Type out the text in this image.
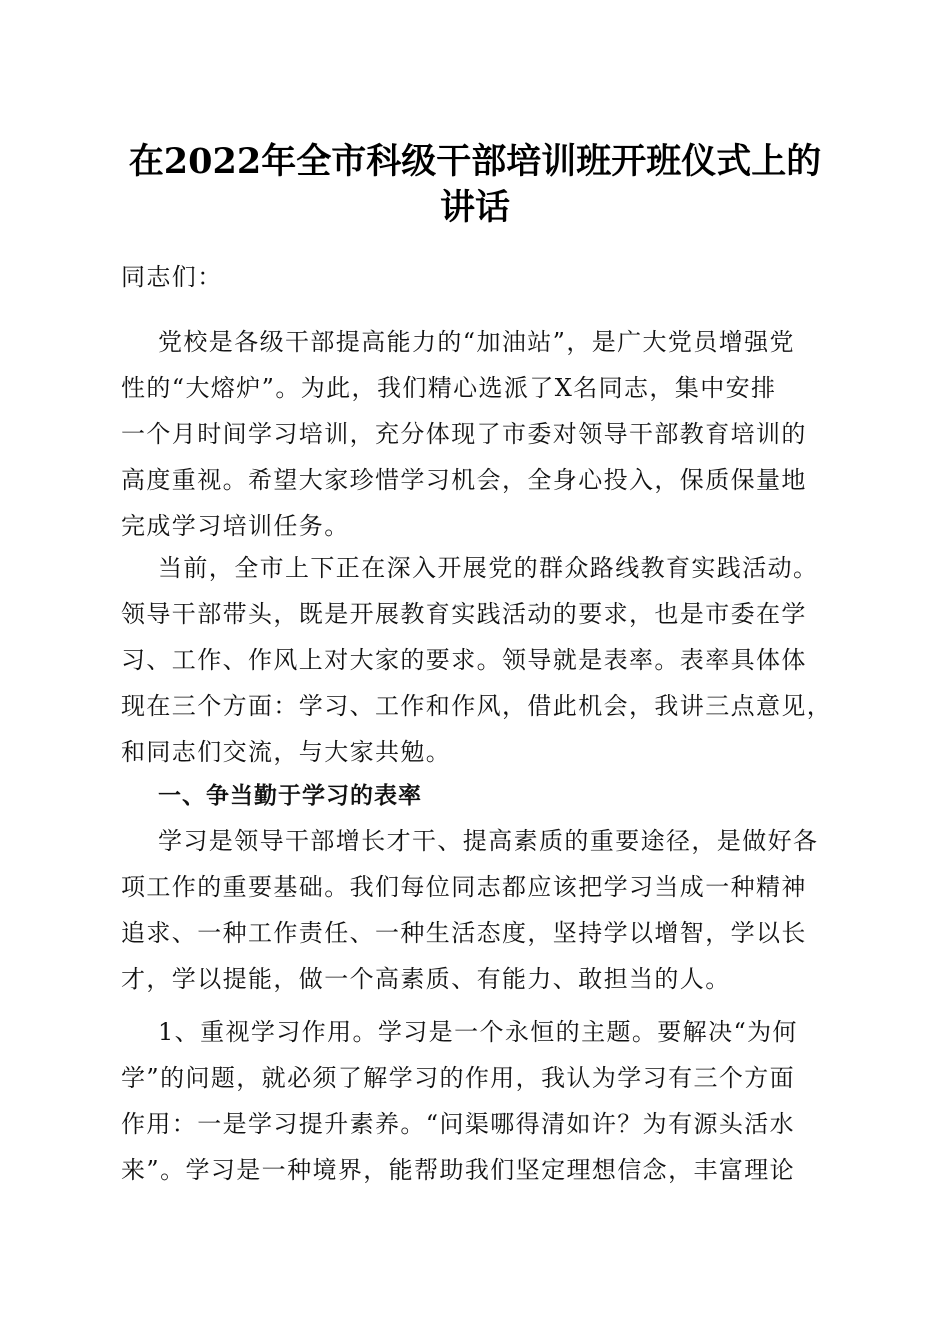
在2022年全市科级干部培训班开班仪式上的
讲话
同志们：
党校是各级干部提高能力的“加油站”，是广大党员增强党
性的“大熔炉”。为此，我们精心选派了X名同志，集中安排
一个月时间学习培训，充分体现了市委对领导干部教育培训的
高度重视。希望大家珍惜学习机会，全身心投入，保质保量地
完成学习培训任务。
当前，全市上下正在深入开展党的群众路线教育实践活动。
领导干部带头，既是开展教育实践活动的要求，也是市委在学
习、工作、作风上对大家的要求。领导就是表率。表率具体体
现在三个方面：学习、工作和作风，借此机会，我讲三点意见，
和同志们交流，与大家共勉。
一、争当勤于学习的表率
学习是领导干部增长才干、提高素质的重要途径，是做好各
项工作的重要基础。我们每位同志都应该把学习当成一种精神
追求、一种工作责任、一种生活态度，坚持学以增智，学以长
才，学以提能，做一个高素质、有能力、敢担当的人。
1、重视学习作用。学习是一个永恒的主题。要解决“为何
学”的问题，就必须了解学习的作用，我认为学习有三个方面
作用：一是学习提升素养。“问渠哪得清如许？为有源头活水
来”。学习是一种境界，能帮助我们坚定理想信念，丰富理论
